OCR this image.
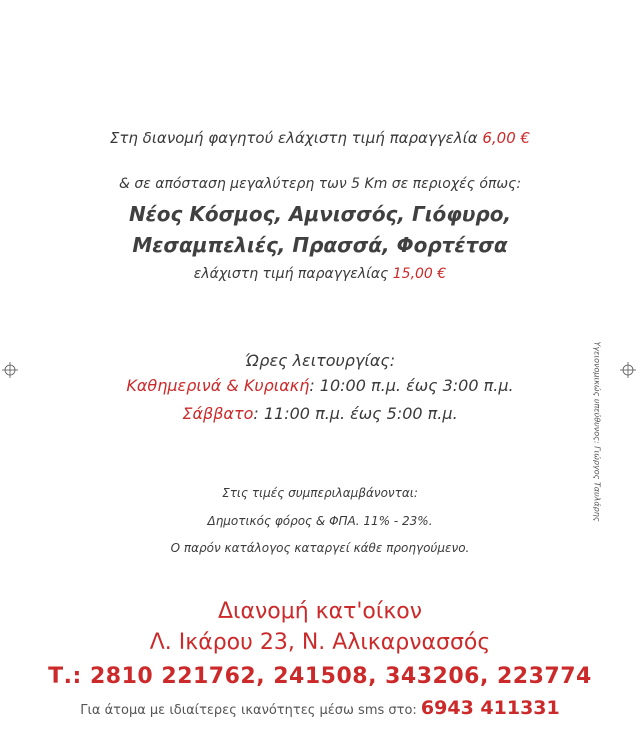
Στη διανομή φαγητού ελάχιστη τιμή παραγγελία 6,00 €
& σε απόσταση μεγαλύτερη των 5 Km σε περιοχές όπως:
Νέος Κόσμος, Αμνισσός, Γιόφυρο,
Μεσαμπελιές, Πρασσά, Φορτέτσα
ελάχιστη τιμή παραγγελίας 15,00 €
Ώρες λειτουργίας:
Καθημερινά & Κυριακή: 10:00 π.μ. έως 3:00 π.μ.
Σάββατο: 11:00 π.μ. έως 5:00 π.μ.
Στις τιμές συμπεριλαμβάνονται:
Δημοτικός φόρος & ΦΠΑ. 11% - 23%.
Ο παρόν κατάλογος καταργεί κάθε προηγούμενο.
Διανομή κατ'οίκον
Λ. Ικάρου 23, Ν. Αλικαρνασσός
Τ.: 2810 221762, 241508, 343206, 223774
Για άτομα με ιδιαίτερες ικανότητες μέσω sms στο: 6943 411331
Υγειονομικώς υπεύθυνος: Γιώργος Ταυλάρης
